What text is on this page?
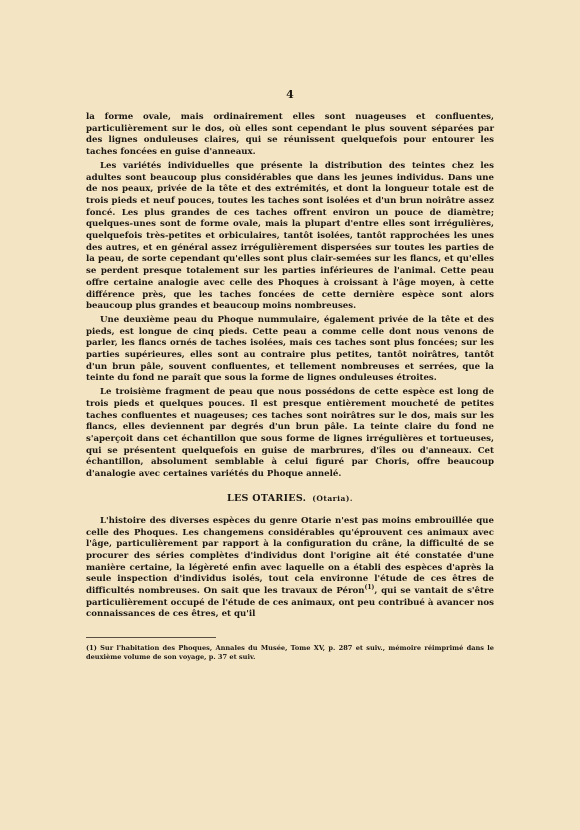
4

la forme ovale, mais ordinairement elles sont nuageuses et confluentes, particulièrement sur le dos, où elles sont cependant le plus souvent séparées par des lignes onduleuses claires, qui se réunissent quelquefois pour entourer les taches foncées en guise d'anneaux.

Les variétés individuelles que présente la distribution des teintes chez les adultes sont beaucoup plus considérables que dans les jeunes individus. Dans une de nos peaux, privée de la tête et des extrémités, et dont la longueur totale est de trois pieds et neuf pouces, toutes les taches sont isolées et d'un brun noirâtre assez foncé. Les plus grandes de ces taches offrent environ un pouce de diamètre; quelques-unes sont de forme ovale, mais la plupart d'entre elles sont irrégulières, quelquefois très-petites et orbiculaires, tantôt isolées, tantôt rapprochées les unes des autres, et en général assez irrégulièrement dispersées sur toutes les parties de la peau, de sorte cependant qu'elles sont plus clair-semées sur les flancs, et qu'elles se perdent presque totalement sur les parties inférieures de l'animal. Cette peau offre certaine analogie avec celle des Phoques à croissant à l'âge moyen, à cette différence près, que les taches foncées de cette dernière espèce sont alors beaucoup plus grandes et beaucoup moins nombreuses.

Une deuxième peau du Phoque nummulaire, également privée de la tête et des pieds, est longue de cinq pieds. Cette peau a comme celle dont nous venons de parler, les flancs ornés de taches isolées, mais ces taches sont plus foncées; sur les parties supérieures, elles sont au contraire plus petites, tantôt noirâtres, tantôt d'un brun pâle, souvent confluentes, et tellement nombreuses et serrées, que la teinte du fond ne paraît que sous la forme de lignes onduleuses étroites.

Le troisième fragment de peau que nous possédons de cette espèce est long de trois pieds et quelques pouces. Il est presque entièrement moucheté de petites taches confluentes et nuageuses; ces taches sont noirâtres sur le dos, mais sur les flancs, elles deviennent par degrés d'un brun pâle. La teinte claire du fond ne s'aperçoit dans cet échantillon que sous forme de lignes irrégulières et tortueuses, qui se présentent quelquefois en guise de marbrures, d'îles ou d'anneaux. Cet échantillon, absolument semblable à celui figuré par Choris, offre beaucoup d'analogie avec certaines variétés du Phoque annelé.

LES OTARIES. (Otaria).

L'histoire des diverses espèces du genre Otarie n'est pas moins embrouillée que celle des Phoques. Les changemens considérables qu'éprouvent ces animaux avec l'âge, particulièrement par rapport à la configuration du crâne, la difficulté de se procurer des séries complètes d'individus dont l'origine ait été constatée d'une manière certaine, la légèreté enfin avec laquelle on a établi des espèces d'après la seule inspection d'individus isolés, tout cela environne l'étude de ces êtres de difficultés nombreuses. On sait que les travaux de Péron$^{(1)}$, qui se vantait de s'être particulièrement occupé de l'étude de ces animaux, ont peu contribué à avancer nos connaissances de ces êtres, et qu'il

(1) Sur l'habitation des Phoques, Annales du Musée, Tome XV, p. 287 et suiv., mémoire réimprimé dans le deuxième volume de son voyage, p. 37 et suiv.
